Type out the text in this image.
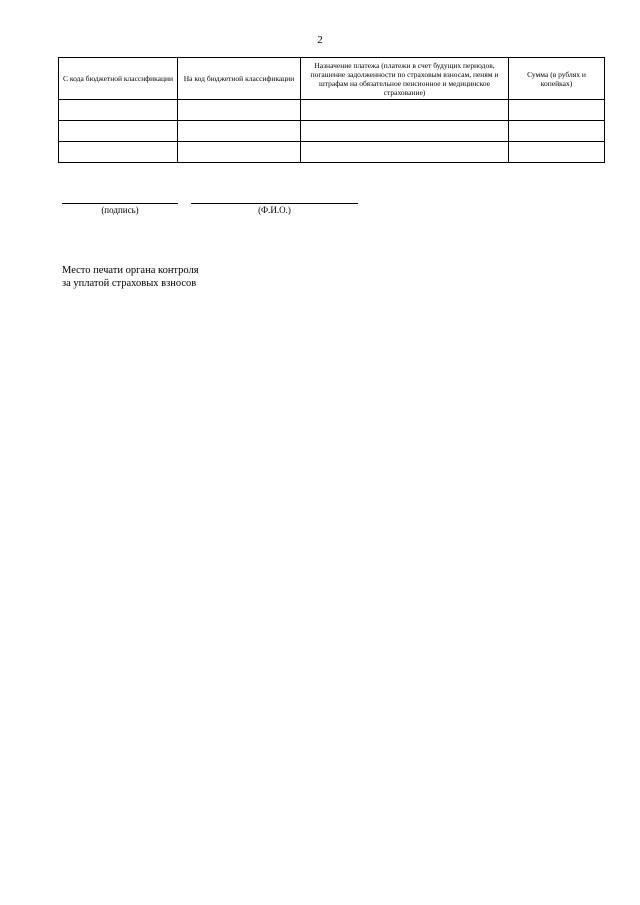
2
С кода бюджетной классификации	На код бюджетной классификации	Назначение платежа (платежи в счет будущих периодов, погашение задолженности по страховым взносам, пеням и штрафам на обязательное пенсионное и медицинское страхование)	Сумма (в рублях и копейках)

(подпись)	(Ф.И.О.)
Место печати органа контроля
за уплатой страховых взносов
